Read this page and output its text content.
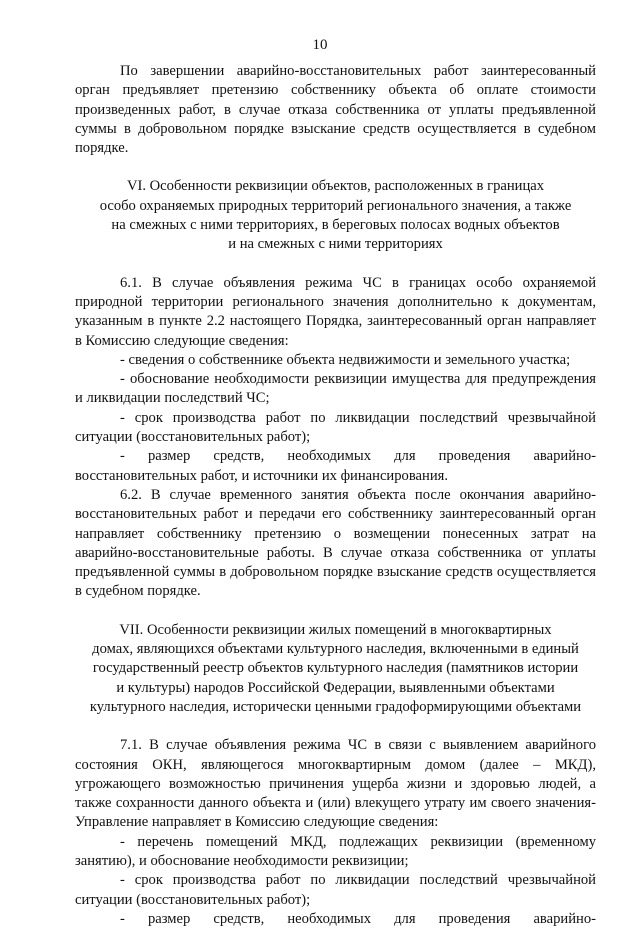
10

По завершении аварийно-восстановительных работ заинтересованный орган предъявляет претензию собственнику объекта об оплате стоимости произведенных работ, в случае отказа собственника от уплаты предъявленной суммы в добровольном порядке взыскание средств осуществляется в судебном порядке.

VI. Особенности реквизиции объектов, расположенных в границах

особо охраняемых природных территорий регионального значения, а также

на смежных с ними территориях, в береговых полосах водных объектов

и на смежных с ними территориях

6.1. В случае объявления режима ЧС в границах особо охраняемой природной территории регионального значения дополнительно к документам, указанным в пункте 2.2 настоящего Порядка, заинтересованный орган направляет в Комиссию следующие сведения:

- сведения о собственнике объекта недвижимости и земельного участка;

- обоснование необходимости реквизиции имущества для предупреждения и ликвидации последствий ЧС;

- срок производства работ по ликвидации последствий чрезвычайной ситуации (восстановительных работ);

- размер средств, необходимых для проведения аварийно-восстановительных работ, и источники их финансирования.

6.2. В случае временного занятия объекта после окончания аварийно-восстановительных работ и передачи его собственнику заинтересованный орган направляет собственнику претензию о возмещении понесенных затрат на аварийно-восстановительные работы. В случае отказа собственника от уплаты предъявленной суммы в добровольном порядке взыскание средств осуществляется в судебном порядке.

VII. Особенности реквизиции жилых помещений в многоквартирных

домах, являющихся объектами культурного наследия, включенными в единый

государственный реестр объектов культурного наследия (памятников истории

и культуры) народов Российской Федерации, выявленными объектами

культурного наследия, исторически ценными градоформирующими объектами

7.1. В случае объявления режима ЧС в связи с выявлением аварийного состояния ОКН, являющегося многоквартирным домом (далее – МКД), угрожающего возможностью причинения ущерба жизни и здоровью людей, а также сохранности данного объекта и (или) влекущего утрату им своего значения-Управление направляет в Комиссию следующие сведения:

- перечень помещений МКД, подлежащих реквизиции (временному занятию), и обоснование необходимости реквизиции;

- срок производства работ по ликвидации последствий чрезвычайной ситуации (восстановительных работ);

- размер средств, необходимых для проведения аварийно-
